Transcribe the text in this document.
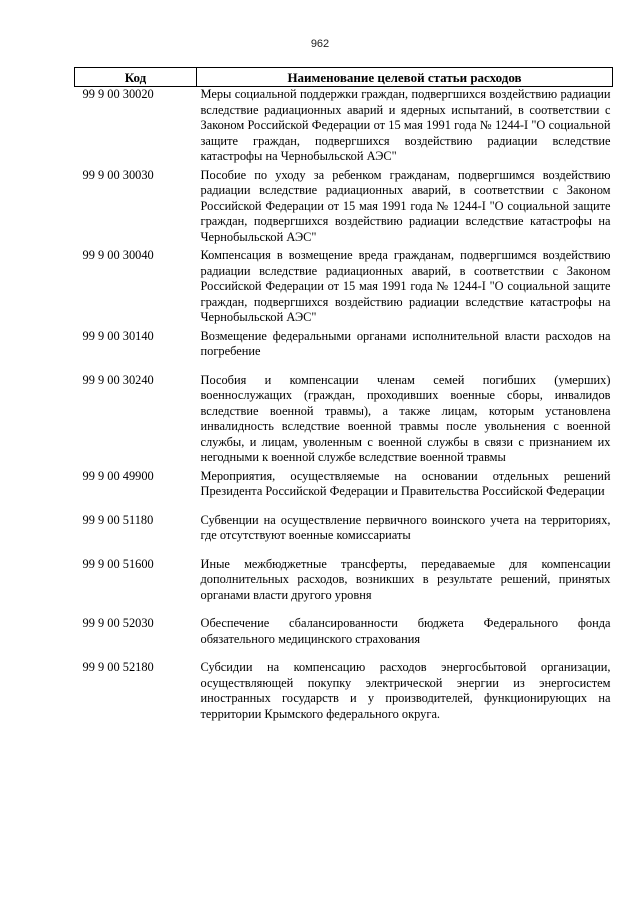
962
Код	Наименование целевой статьи расходов
99 9 00 30020	Меры социальной поддержки граждан, подвергшихся воздействию радиации вследствие радиационных аварий и ядерных испытаний, в соответствии с Законом Российской Федерации от 15 мая 1991 года № 1244-I "О социальной защите граждан, подвергшихся воздействию радиации вследствие катастрофы на Чернобыльской АЭС"
99 9 00 30030	Пособие по уходу за ребенком гражданам, подвергшимся воздействию радиации вследствие радиационных аварий, в соответствии с Законом Российской Федерации от 15 мая 1991 года № 1244-I "О социальной защите граждан, подвергшихся воздействию радиации вследствие катастрофы на Чернобыльской АЭС"
99 9 00 30040	Компенсация в возмещение вреда гражданам, подвергшимся воздействию радиации вследствие радиационных аварий, в соответствии с Законом Российской Федерации от 15 мая 1991 года № 1244-I "О социальной защите граждан, подвергшихся воздействию радиации вследствие катастрофы на Чернобыльской АЭС"
99 9 00 30140	Возмещение федеральными органами исполнительной власти расходов на погребение
99 9 00 30240	Пособия и компенсации членам семей погибших (умерших) военнослужащих (граждан, проходивших военные сборы, инвалидов вследствие военной травмы), а также лицам, которым установлена инвалидность вследствие военной травмы после увольнения с военной службы, и лицам, уволенным с военной службы в связи с признанием их негодными к военной службе вследствие военной травмы
99 9 00 49900	Мероприятия, осуществляемые на основании отдельных решений Президента Российской Федерации и Правительства Российской Федерации
99 9 00 51180	Субвенции на осуществление первичного воинского учета на территориях, где отсутствуют военные комиссариаты
99 9 00 51600	Иные межбюджетные трансферты, передаваемые для компенсации дополнительных расходов, возникших в результате решений, принятых органами власти другого уровня
99 9 00 52030	Обеспечение сбалансированности бюджета Федерального фонда обязательного медицинского страхования
99 9 00 52180	Субсидии на компенсацию расходов энергосбытовой организации, осуществляющей покупку электрической энергии из энергосистем иностранных государств и у производителей, функционирующих на территории Крымского федерального округа.
